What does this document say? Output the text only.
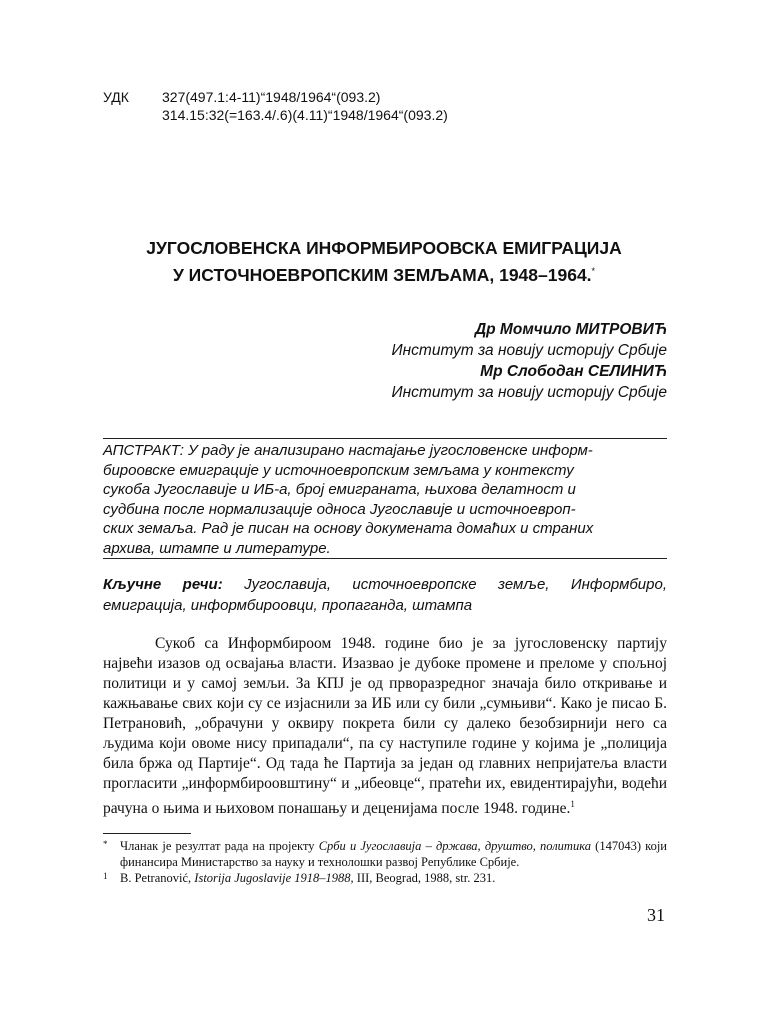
УДК 327(497.1:4-11)“1948/1964“(093.2)
314.15:32(=163.4/.6)(4.11)“1948/1964“(093.2)
ЈУГОСЛОВЕНСКА ИНФОРМБИРООВСКА ЕМИГРАЦИЈА
У ИСТОЧНОЕВРОПСКИМ ЗЕМЉАМА, 1948–1964.*
Др Момчило МИТРОВИЋ
Институт за новију историју Србије
Мр Слободан СЕЛИНИЋ
Институт за новију историју Србије
АПСТРАКТ: У раду је анализирано настајање југословенске информ-
бироовске емиграције у источноевропским земљама у контексту
сукоба Југославије и ИБ-а, број емиграната, њихова делатност и
судбина после нормализације односа Југославије и источноевроп-
ских земаља. Рад је писан на основу докумената домаћих и страних
архива, штампе и литературе.
Кључне речи: Југославија, источноевропске земље, Информбиро, емиграција, информбироовци, пропаганда, штампа

Сукоб са Информбироом 1948. године био је за југословенску партију највећи изазов од освајања власти. Изазвао је дубоке промене и преломе у спољној политици и у самој земљи. За КПЈ је од прворазредног значаја било откривање и кажњавање свих који су се изјаснили за ИБ или су били „сумњиви“. Како је писао Б. Петрановић, „обрачуни у оквиру покрета били су далеко безобзирнији него са људима који овоме нису припадали“, па су наступиле године у којима је „полиција била бржа од Партије“. Од тада ће Партија за један од главних непријатеља власти прогласити „информбироовштину“ и „ибеовце“, пратећи их, евидентирајући, водећи рачуна о њима и њиховом понашању и деценијама после 1948. године.$^1$

* Чланак је резултат рада на пројекту Срби и Југославија – држава, друштво, политика (147043) који финансира Министарство за науку и технолошки развој Републике Србије.
1 B. Petranović, Istorija Jugoslavije 1918–1988, III, Beograd, 1988, str. 231.
31
